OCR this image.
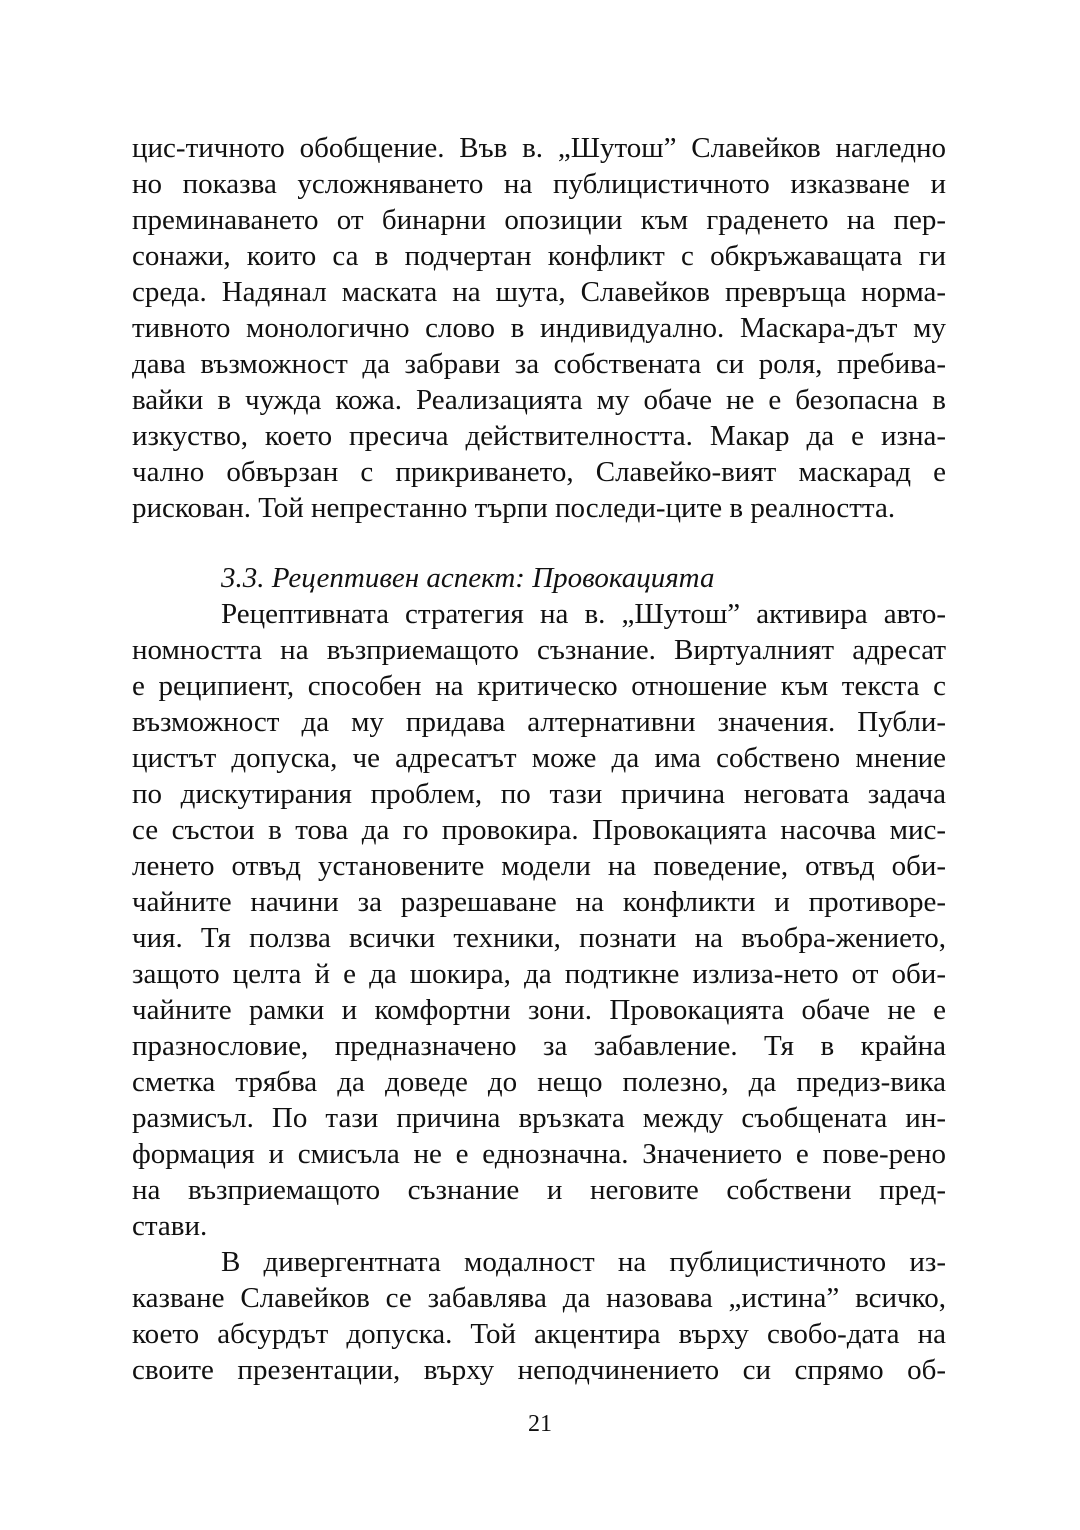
цис-тичното обобщение. Във в. „Шутош” Славейков нагледно
но показва усложняването на публицистичното изказване и
преминаването от бинарни опозиции към граденето на пер-
сонажи, които са в подчертан конфликт с обкръжаващата ги
среда. Надянал маската на шута, Славейков превръща норма-
тивното монологично слово в индивидуално. Маскара-дът му
дава възможност да забрави за собствената си роля, пребива-
вайки в чужда кожа. Реализацията му обаче не е безопасна в
изкуство, което пресича действителността. Макар да е изна-
чално обвързан с прикриването, Славейко-вият маскарад е
рискован. Той непрестанно търпи последи-ците в реалността.
3.3. Рецептивен аспект: Провокацията
Рецептивната стратегия на в. „Шутош” активира авто-
номността на възприемащото съзнание. Виртуалният адресат
е реципиент, способен на критическо отношение към текста с
възможност да му придава алтернативни значения. Публи-
цистът допуска, че адресатът може да има собствено мнение
по дискутирания проблем, по тази причина неговата задача
се състои в това да го провокира. Провокацията насочва мис-
ленето отвъд установените модели на поведение, отвъд оби-
чайните начини за разрешаване на конфликти и противоре-
чия. Тя ползва всички техники, познати на въобра-жението,
защото целта й е да шокира, да подтикне излиза-нето от оби-
чайните рамки и комфортни зони. Провокацията обаче не е
празнословие, предназначено за забавление. Тя в крайна
сметка трябва да доведе до нещо полезно, да предиз-вика
размисъл. По тази причина връзката между съобщената ин-
формация и смисъла не е еднозначна. Значението е пове-рено
на възприемащото съзнание и неговите собствени пред-
стави.
В дивергентната модалност на публицистичното из-
казване Славейков се забавлява да назовава „истина” всичко,
което абсурдът допуска. Той акцентира върху свобо-дата на
своите презентации, върху неподчинението си спрямо об-
21
